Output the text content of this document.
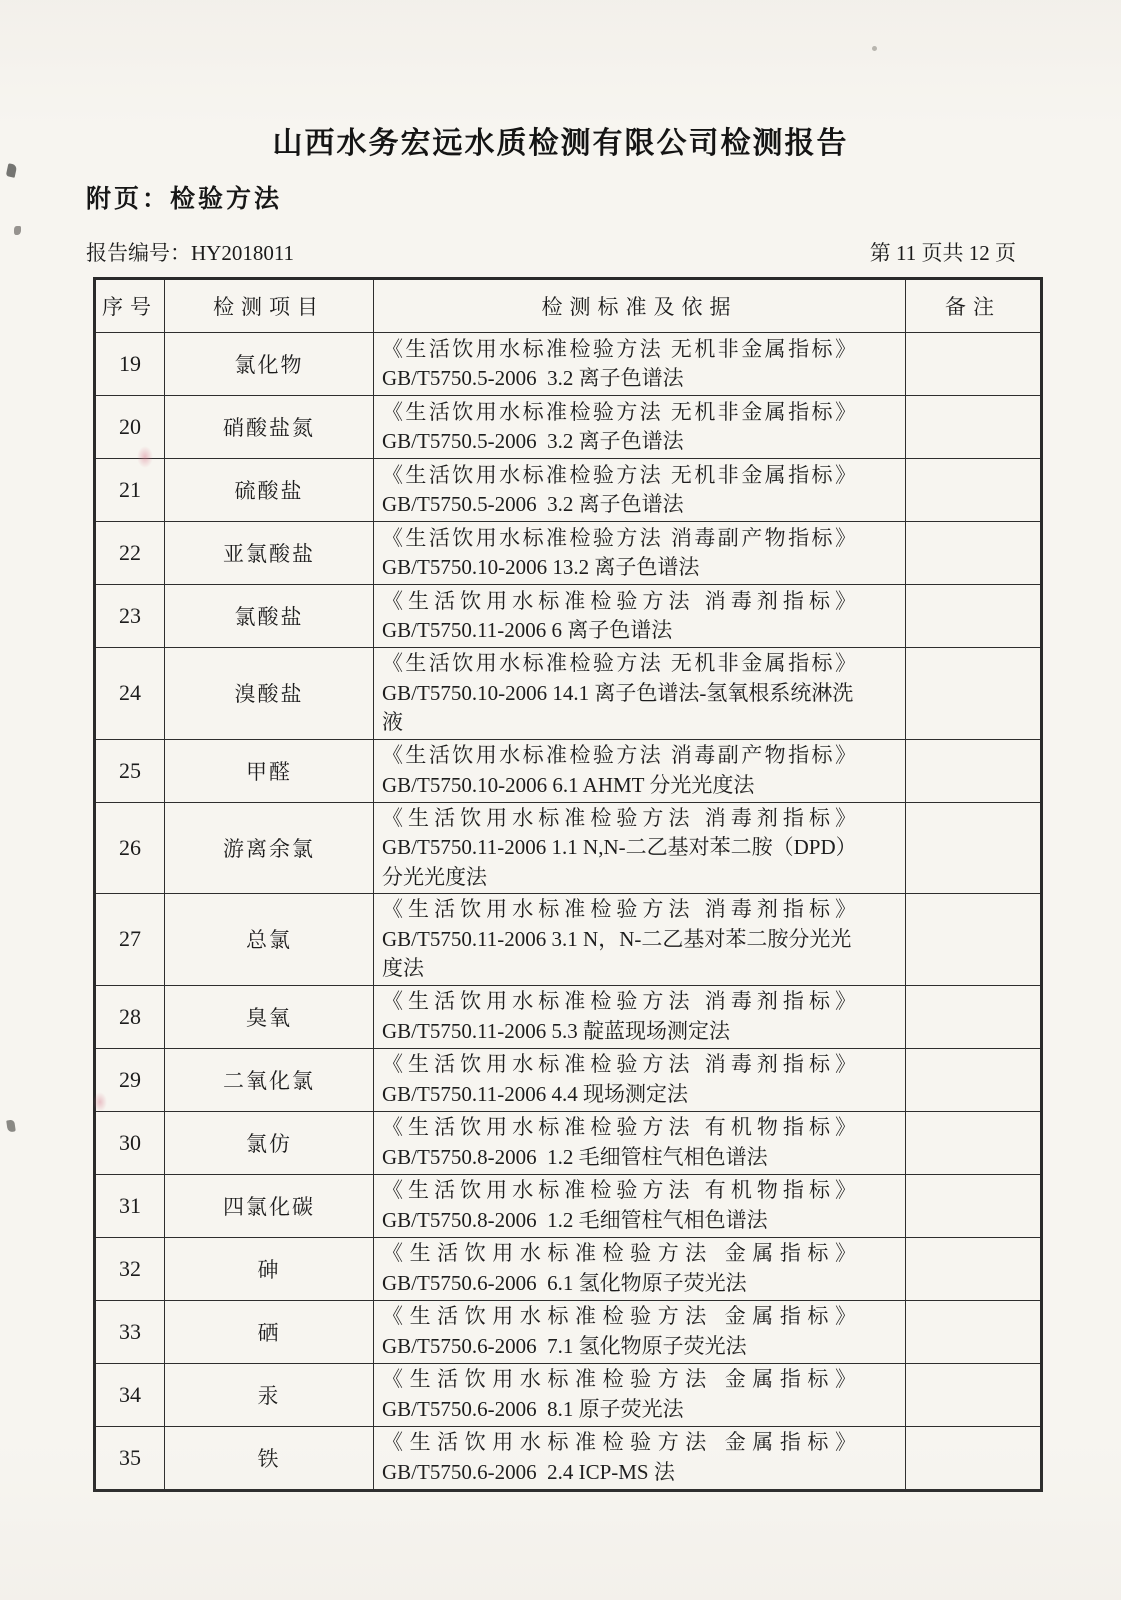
山西水务宏远水质检测有限公司检测报告
附页：检验方法
报告编号：HY2018011	第 11 页共 12 页
序号	检测项目	检测标准及依据	备注
19	氯化物	《生活饮用水标准检验方法 无机非金属指标》
GB/T5750.5-2006  3.2 离子色谱法	

20	硝酸盐氮	《生活饮用水标准检验方法 无机非金属指标》
GB/T5750.5-2006  3.2 离子色谱法	

21	硫酸盐	《生活饮用水标准检验方法 无机非金属指标》
GB/T5750.5-2006  3.2 离子色谱法	

22	亚氯酸盐	《生活饮用水标准检验方法 消毒副产物指标》
GB/T5750.10-2006 13.2 离子色谱法	

23	氯酸盐	《生活饮用水标准检验方法 消毒剂指标》
GB/T5750.11-2006 6 离子色谱法	

24	溴酸盐	《生活饮用水标准检验方法 无机非金属指标》
GB/T5750.10-2006 14.1 离子色谱法-氢氧根系统淋洗液	

25	甲醛	《生活饮用水标准检验方法 消毒副产物指标》
GB/T5750.10-2006 6.1 AHMT 分光光度法	

26	游离余氯	《生活饮用水标准检验方法 消毒剂指标》
GB/T5750.11-2006 1.1 N,N-二乙基对苯二胺（DPD）分光光度法	

27	总氯	《生活饮用水标准检验方法 消毒剂指标》
GB/T5750.11-2006 3.1 N，N-二乙基对苯二胺分光光度法	

28	臭氧	《生活饮用水标准检验方法 消毒剂指标》
GB/T5750.11-2006 5.3 靛蓝现场测定法	

29	二氧化氯	《生活饮用水标准检验方法 消毒剂指标》
GB/T5750.11-2006 4.4 现场测定法	

30	氯仿	《生活饮用水标准检验方法 有机物指标》
GB/T5750.8-2006  1.2 毛细管柱气相色谱法	

31	四氯化碳	《生活饮用水标准检验方法 有机物指标》
GB/T5750.8-2006  1.2 毛细管柱气相色谱法	

32	砷	《生活饮用水标准检验方法 金属指标》
GB/T5750.6-2006  6.1 氢化物原子荧光法	

33	硒	《生活饮用水标准检验方法 金属指标》
GB/T5750.6-2006  7.1 氢化物原子荧光法	

34	汞	《生活饮用水标准检验方法 金属指标》
GB/T5750.6-2006  8.1 原子荧光法	

35	铁	《生活饮用水标准检验方法 金属指标》
GB/T5750.6-2006  2.4 ICP-MS 法	
